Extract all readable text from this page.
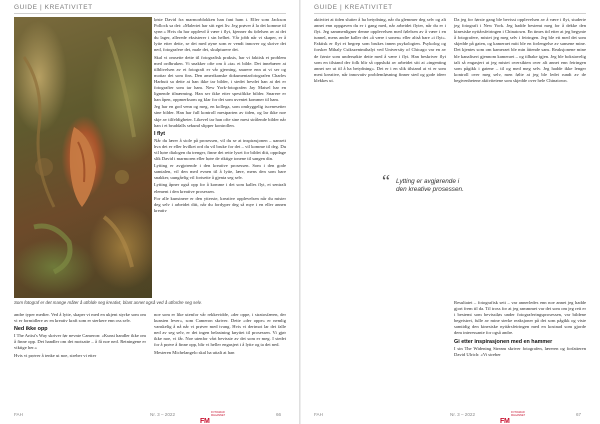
GUIDE | KREATIVITET
Som fotograf er det mange måter å utfolde seg kreativt, blant annet også ved å utfordre seg selv.

løste David fra marmorblokken han fant ham i. Eller som Jackson Pollock sa det: «Maleriet har sitt eget liv. Jeg prøver å la det komme til syne.» Hvis du har opplevd å være i flyt, kjenner du følelsen av at det du lager, allerede eksisterer i sin helhet. Vår jobb når vi skaper, er å lytte etter dette, se det med øyne som er vendt innover og skrive det ned, fotografere det, male det, skulpturere det.

Skal vi omsette dette til fotografisk praksis, har vi faktisk et problem med ordbruken. Vi snakker ofte om å «ta» et bilde. Det innebærer at tilblivelsen av et fotografi er vår gjerning, snarere enn at vi ser og mottar det som fins. Den amerikanske dokumentarfotografen Charles Harbutt sa dette at han ikke tar bilder, i stedet hevdet han at det er fotografier som tar ham. New York-fotografen Jay Maisel har en lignende tilnærming. Han ser ikke etter spesifikke bilder. Snarere er han åpen, oppmerksom og klar for det som uventet kommer til ham.

Jeg har en god venn og meg, en kollega, som omhyggelig iscenesetter sine bilder. Han har full kontroll mestparten av tiden, og lar ikke noe skje av tilfeldigheter. Likevel tar han ofte sine mest strålende bilder når han i et bruddalls sekund slipper kontrollen.

I flyt

Når du lærer å stole på prosessen, vil du se at inspirasjonen – uansett hva det er eller hvilket ord du vil bruke for det – vil komme til deg. Du vil høre dialogen du trenger, finne det rette lyset for bildet ditt, oppdage slik David i marmoren eller høre de riktige tonene til sangen din.

Lytting er avgjørende i den kreative prosessen. Som i den gode samtalen, vil den med evnen til å lytte, lære, mens den som bare snakker, uungåelig vil fortsette å gjenta seg selv.

Lytting åpner også opp for å komme i det som kalles flyt, et sentralt element i den kreative prosessen.

For alle kunstnere er den ytterste, kreative opplevelsen når du mister deg selv i arbeidet ditt, når du fordyper deg så mye i en eller annen kreativ

andre typer medier. Ved å lytte, skaper vi med en ukjent styrke som om vi er formidlere av en kreativ kraft som er sterkere enn oss selv.

Ned ikke opp

I The Artist's Way skriver før nevnte Cameron: «Kunst handler ikke om å finne opp. Det handler om det motsatte – å få noe ned. Retningene er viktige her.»

Hvis vi prøver å tenke ut noe, streber vi etter

noe som er like utenfor vår rekkevidde, «der oppe, i stratosfæren, der kunsten lever», som Cameron skriver. Dette «der oppe» er nemlig vanskelig å nå når vi prøver med tvang. Hvis vi derimot lar det falle ned av seg selv, er det ingen belastning knyttet til prosessen. Vi gjør ikke noe, vi får. Noe utenfor vårt bevisste av det som er meg. I stedet for å prøve å finne opp, blir vi heller engasjert i å lytte og ta det ned.

Mesteren Michelangelo skal ha uttalt at han

FAH	Nr. 3 – 2022
FM
FOTOGRAFI MAGASINET	66
GUIDE | KREATIVITET

aktivitet at tiden slutter å ha betydning, når du glemmer deg selv og alt annet enn oppgaven du er i gang med, når arbeidet flyter, når du er i flyt. Jeg sammenligner denne opplevelsen med følelsen av å være i en tunnel, mens andre kaller det «å være i sonen» eller altså bare «i flyt». Faktisk er flyt et begrep som brukes innen psykologien. Psykolog og forsker Mihaly Csikszentmihalyi ved University of Chicago var en av de første som undersøkte dette med å være i flyt. Han beskriver flyt som en tilstand der folk blir så oppslukt av arbeidet sitt at «ingenting annet ser ut til å ha betydning». Det er i en slik tilstand at vi er som mest kreative, når innovativ problemløsning finner sted og gode ideer klekkes ut.

Da jeg for første gang ble bevisst opplevelsen av å være i flyt, studerte jeg fotografi i New York. Jeg hadde bestemt meg for å dekke den kinesiske nyttårsfeiringen i Chinatown. En times tid etter at jeg begynte å fotografere, mistet jeg meg selv i feiringen. Jeg ble ett med det som skjedde på gaten, og kameraet mitt ble en forlengelse av sansene mine. Det kjentes som om kameraet ble min åttende sans. Reaksjonene mine ble kanalisert gjennom kameraet – og tilbake igjen. Jeg ble bokstavelig talt så engasjert at jeg mistet oversikten over alt annet enn feiringen som pågikk i gatene – til og med meg selv. Jeg hadde ikke lenger kontroll over meg selv, men følte at jeg ble ledet rundt av de begivenhetene aktivitetene som skjedde over hele Chinatown.

Resultatet – fotografisk sett – var annerledes enn noe annet jeg hadde gjort frem til da. Til tross for at jeg rammmet var det som om jeg rett er i bestemt som bevisstløs under fotograferingsprosessen, var bildene begeistret, fulle av mine sterke reaksjoner på det som pågikk og viste samtidig den kinesiske nyttårsfeiringen med en kostnad som gjorde dem interessante for også andre.

Gi etter inspirasjonen med en hammer

I sin The Widening Stream skriver fotografen, læreren og forfatteren David Ulrich: «Vi streber

“ Lytting er avgjørende i den kreative prosessen.
FAH	Nr. 3 – 2022
FM
FOTOGRAFI MAGASINET	67
